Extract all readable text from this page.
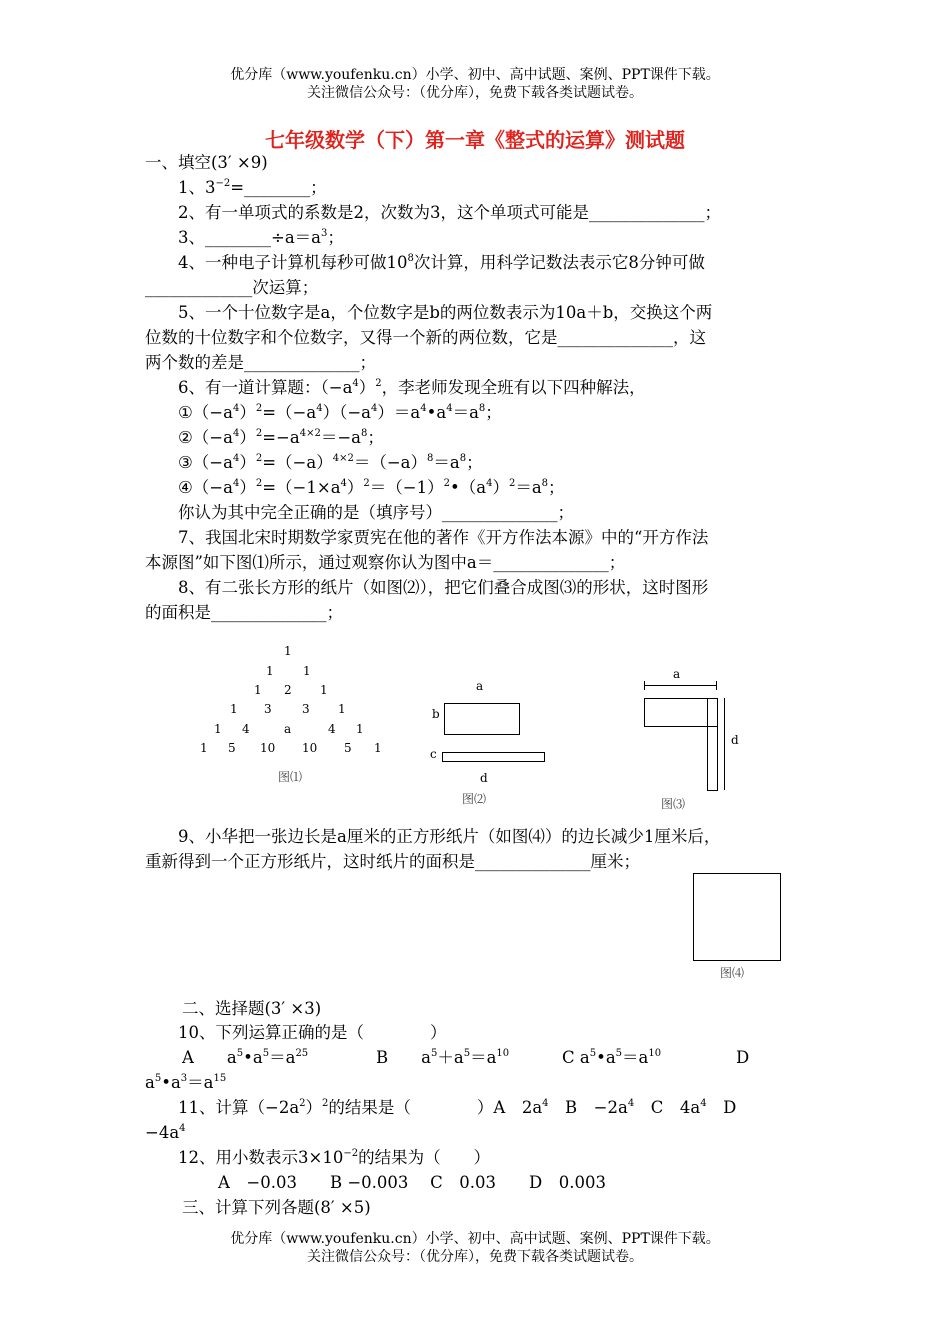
优分库（www.youfenku.cn）小学、初中、高中试题、案例、PPT课件下载。
关注微信公众号：（优分库），免费下载各类试题试卷。
七年级数学（下）第一章《整式的运算》测试题
一、填空(3′ ×9)
1、$3^{-2}=\_\_\_\_\_\_\_\_$；
2、有一单项式的系数是2，次数为3，这个单项式可能是______________；
3、$\_\_\_\_\_\_\_\_\div a=a^3$；
4、一种电子计算机每秒可做$10^8$次计算，用科学记数法表示它8分钟可做
_____________次运算；
5、一个十位数字是a，个位数字是b的两位数表示为10a＋b，交换这个两
位数的十位数字和个位数字，又得一个新的两位数，它是______________，这
两个数的差是______________；
6、有一道计算题：$(-a^4)^2$，李老师发现全班有以下四种解法，
$①(-a^4)^2=(-a^4)(-a^4)=a^4•a^4=a^8$；
$②(-a^4)^2=-a^{4\times 2}=-a^8$；
$③(-a^4)^2=(-a)^{4\times 2}=(-a)^8=a^8$；
$④(-a^4)^2=(-1\times a^4)^2=(-1)^2•(a^4)^2=a^8$；
你认为其中完全正确的是（填序号）______________；
7、我国北宋时期数学家贾宪在他的著作《开方作法本源》中的“开方作法
本源图”如下图⑴所示，通过观察你认为图中a＝______________；
8、有二张长方形的纸片（如图⑵），把它们叠合成图⑶的形状，这时图形
的面积是______________；
1
1 1
1 2 1
1 3	3 1
1 4	a	4 1
1 5 10 10 5 1
图⑴
a
b
c
d
图⑵
a
d
图⑶
9、小华把一张边长是a厘米的正方形纸片（如图⑷）的边长减少1厘米后，
重新得到一个正方形纸片，这时纸片的面积是______________厘米；
图⑷
二、选择题(3′ ×3)
10、下列运算正确的是（　　　　）
A　　$a^5•a^5=a^{25}$	B　　$a^5+a^5=a^{10}$	C $a^5•a^5=a^{10}$	D
$a^5•a^3=a^{15}$
11、计算$(-2a^2)^2$的结果是（　　　　）A　$2a^4$　B　$-2a^4$　C　$4a^4$　D
$-4a^4$
12、用小数表示$3\times 10^{-2}$的结果为（　　）
A　−0.03　　B −0.003　 C　0.03　　D　0.003
三、计算下列各题(8′ ×5)
优分库（www.youfenku.cn）小学、初中、高中试题、案例、PPT课件下载。
关注微信公众号：（优分库），免费下载各类试题试卷。
